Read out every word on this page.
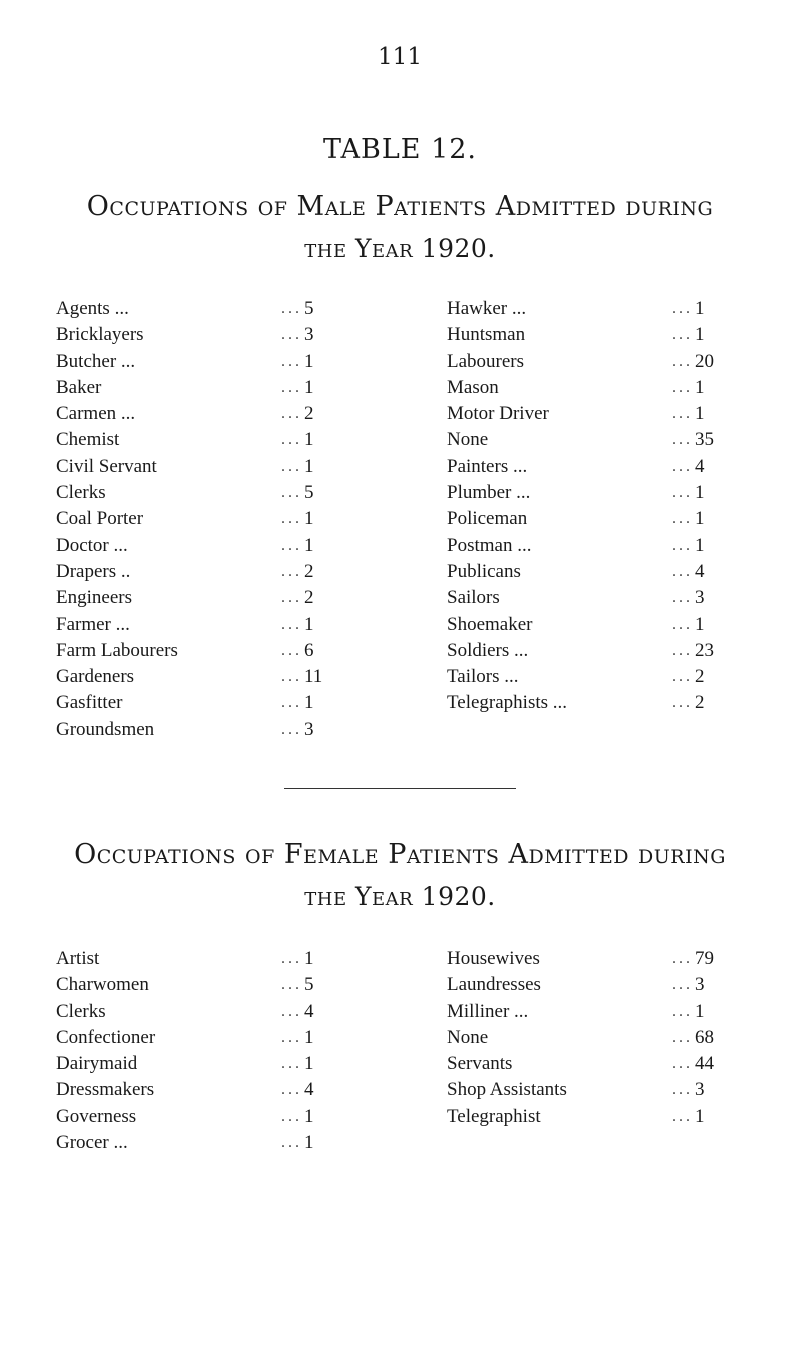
111
TABLE 12.
Occupations of Male Patients Admitted during
the Year 1920.
Agents ...	... 5
Bricklayers	... 3
Butcher ...	... 1
Baker	... 1
Carmen ...	... 2
Chemist	... 1
Civil Servant	... 1
Clerks	... 5
Coal Porter	... 1
Doctor ...	... 1
Drapers ..	... 2
Engineers	... 2
Farmer ...	... 1
Farm Labourers	... 6
Gardeners	... 11
Gasfitter	... 1
Groundsmen	... 3
Hawker ...	... 1
Huntsman	... 1
Labourers	... 20
Mason	... 1
Motor Driver	... 1
None	... 35
Painters ...	... 4
Plumber ...	... 1
Policeman	... 1
Postman ...	... 1
Publicans	... 4
Sailors	... 3
Shoemaker	... 1
Soldiers ...	... 23
Tailors ...	... 2
Telegraphists ...	... 2
Occupations of Female Patients Admitted during
the Year 1920.
Artist	... 1
Charwomen	... 5
Clerks	... 4
Confectioner	... 1
Dairymaid	... 1
Dressmakers	... 4
Governess	... 1
Grocer ...	... 1
Housewives	... 79
Laundresses	... 3
Milliner ...	... 1
None	... 68
Servants	... 44
Shop Assistants	... 3
Telegraphist	... 1
